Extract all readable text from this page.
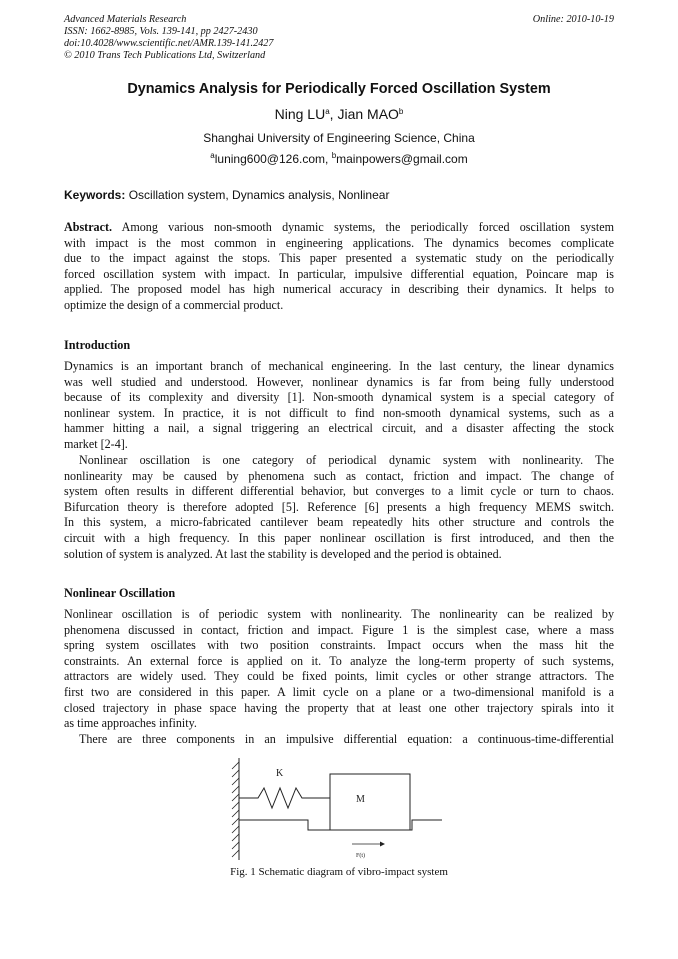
Advanced Materials Research
ISSN: 1662-8985, Vols. 139-141, pp 2427-2430
doi:10.4028/www.scientific.net/AMR.139-141.2427
© 2010 Trans Tech Publications Ltd, Switzerland
Online: 2010-10-19
Dynamics Analysis for Periodically Forced Oscillation System
Ning $LU^a$, Jian MAO$^b$
Shanghai University of Engineering Science, China
$^a$luning600@126.com, $^b$mainpowers@gmail.com
Keywords: Oscillation system, Dynamics analysis, Nonlinear
Abstract. Among various non-smooth dynamic systems, the periodically forced oscillation system
with impact is the most common in engineering applications. The dynamics becomes complicate
due to the impact against the stops. This paper presented a systematic study on the periodically
forced oscillation system with impact. In particular, impulsive differential equation, Poincare map is
applied. The proposed model has high numerical accuracy in describing their dynamics. It helps to
optimize the design of a commercial product.
Introduction
Dynamics is an important branch of mechanical engineering. In the last century, the linear dynamics
was well studied and understood. However, nonlinear dynamics is far from being fully understood
because of its complexity and diversity [1]. Non-smooth dynamical system is a special category of
nonlinear system. In practice, it is not difficult to find non-smooth dynamical systems, such as a
hammer hitting a nail, a signal triggering an electrical circuit, and a disaster affecting the stock
market [2-4].
Nonlinear oscillation is one category of periodical dynamic system with nonlinearity. The
nonlinearity may be caused by phenomena such as contact, friction and impact. The change of
system often results in different differential behavior, but converges to a limit cycle or turn to chaos.
Bifurcation theory is therefore adopted [5]. Reference [6] presents a high frequency MEMS switch.
In this system, a micro-fabricated cantilever beam repeatedly hits other structure and controls the
circuit with a high frequency. In this paper nonlinear oscillation is first introduced, and then the
solution of system is analyzed. At last the stability is developed and the period is obtained.
Nonlinear Oscillation
Nonlinear oscillation is of periodic system with nonlinearity. The nonlinearity can be realized by
phenomena discussed in contact, friction and impact. Figure 1 is the simplest case, where a mass
spring system oscillates with two position constraints. Impact occurs when the mass hit the
constraints. An external force is applied on it. To analyze the long-term property of such systems,
attractors are widely used. They could be fixed points, limit cycles or other strange attractors. The
first two are considered in this paper. A limit cycle on a plane or a two-dimensional manifold is a
closed trajectory in phase space having the property that at least one other trajectory spirals into it
as time approaches infinity.
There are three components in an impulsive differential equation: a continuous-time-differential
K
M
F(t)
Fig. 1 Schematic diagram of vibro-impact system
